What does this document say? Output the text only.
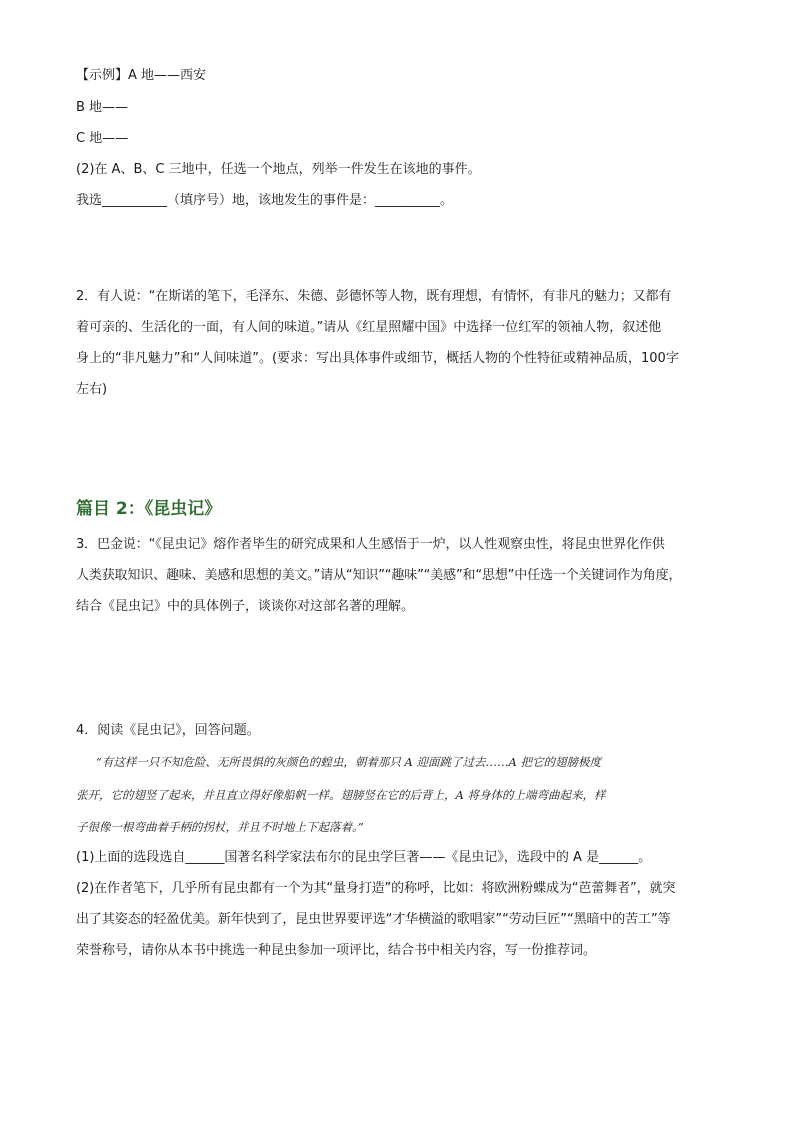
【示例】A 地——西安
B 地——
C 地——
(2)在 A、B、C 三地中，任选一个地点，列举一件发生在该地的事件。
我选__________（填序号）地，该地发生的事件是：__________。
2．有人说：“在斯诺的笔下，毛泽东、朱德、彭德怀等人物，既有理想，有情怀，有非凡的魅力；又都有
着可亲的、生活化的一面，有人间的味道。”请从《红星照耀中国》中选择一位红军的领袖人物，叙述他
身上的“非凡魅力”和“人间味道”。(要求：写出具体事件或细节，概括人物的个性特征或精神品质，100字
左右)
篇目 2：《昆虫记》
3．巴金说：“《昆虫记》熔作者毕生的研究成果和人生感悟于一炉，以人性观察虫性，将昆虫世界化作供
人类获取知识、趣味、美感和思想的美文。”请从“知识”“趣味”“美感”和“思想”中任选一个关键词作为角度，
结合《昆虫记》中的具体例子，谈谈你对这部名著的理解。
4．阅读《昆虫记》，回答问题。
“有这样一只不知危险、无所畏惧的灰颜色的蝗虫，朝着那只 A 迎面跳了过去……A 把它的翅膀极度
张开，它的翅竖了起来，并且直立得好像船帆一样。翅膀竖在它的后背上，A 将身体的上端弯曲起来，样
子很像一根弯曲着手柄的拐杖，并且不时地上下起落着。”
(1)上面的选段选自______国著名科学家法布尔的昆虫学巨著——《昆虫记》，选段中的 A 是______。
(2)在作者笔下，几乎所有昆虫都有一个为其“量身打造”的称呼，比如：将欧洲粉蝶成为“芭蕾舞者”，就突
出了其姿态的轻盈优美。新年快到了，昆虫世界要评选“才华横溢的歌唱家”“劳动巨匠”“黑暗中的苦工”等
荣誉称号，请你从本书中挑选一种昆虫参加一项评比，结合书中相关内容，写一份推荐词。
